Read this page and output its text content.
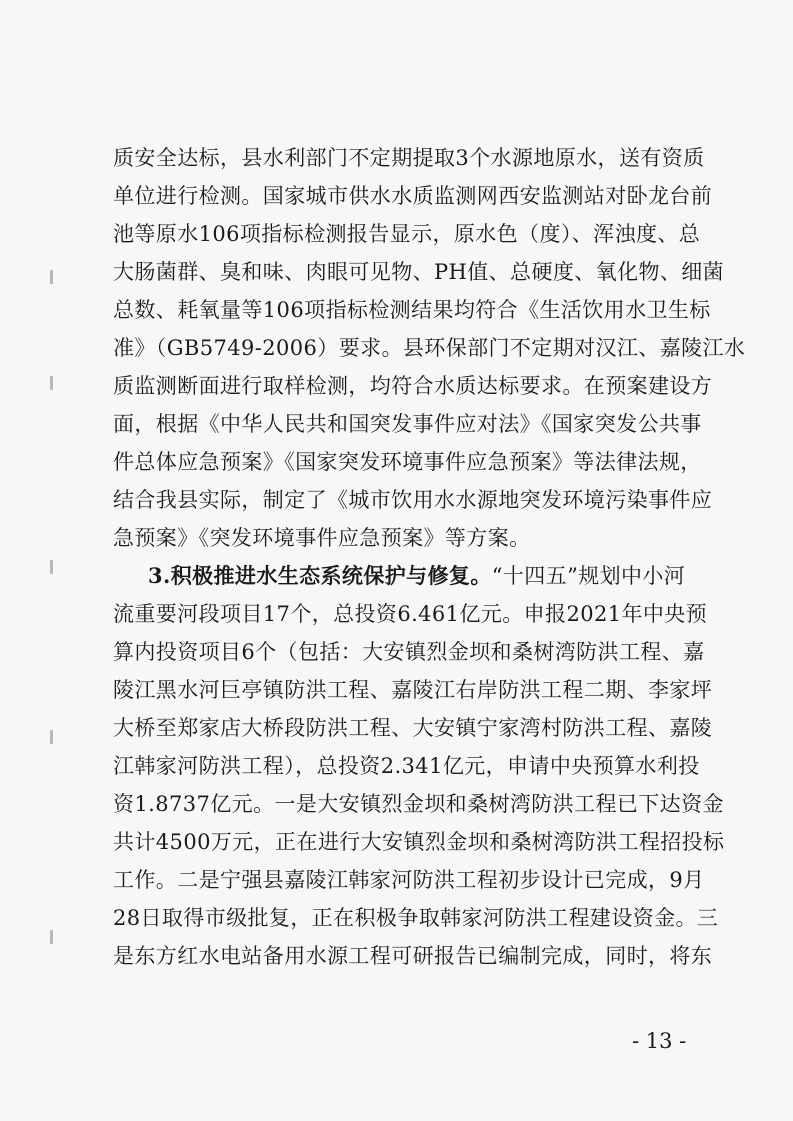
质安全达标，县水利部门不定期提取3个水源地原水，送有资质
单位进行检测。国家城市供水水质监测网西安监测站对卧龙台前
池等原水106项指标检测报告显示，原水色（度）、浑浊度、总
大肠菌群、臭和味、肉眼可见物、PH值、总硬度、氧化物、细菌
总数、耗氧量等106项指标检测结果均符合《生活饮用水卫生标
准》（GB5749-2006）要求。县环保部门不定期对汉江、嘉陵江水
质监测断面进行取样检测，均符合水质达标要求。在预案建设方
面，根据《中华人民共和国突发事件应对法》《国家突发公共事
件总体应急预案》《国家突发环境事件应急预案》等法律法规，
结合我县实际，制定了《城市饮用水水源地突发环境污染事件应
急预案》《突发环境事件应急预案》等方案。
3.积极推进水生态系统保护与修复。“十四五”规划中小河
流重要河段项目17个，总投资6.461亿元。申报2021年中央预
算内投资项目6个（包括：大安镇烈金坝和桑树湾防洪工程、嘉
陵江黑水河巨亭镇防洪工程、嘉陵江右岸防洪工程二期、李家坪
大桥至郑家店大桥段防洪工程、大安镇宁家湾村防洪工程、嘉陵
江韩家河防洪工程），总投资2.341亿元，申请中央预算水利投
资1.8737亿元。一是大安镇烈金坝和桑树湾防洪工程已下达资金
共计4500万元，正在进行大安镇烈金坝和桑树湾防洪工程招投标
工作。二是宁强县嘉陵江韩家河防洪工程初步设计已完成，9月
28日取得市级批复，正在积极争取韩家河防洪工程建设资金。三
是东方红水电站备用水源工程可研报告已编制完成，同时，将东
- 13 -
